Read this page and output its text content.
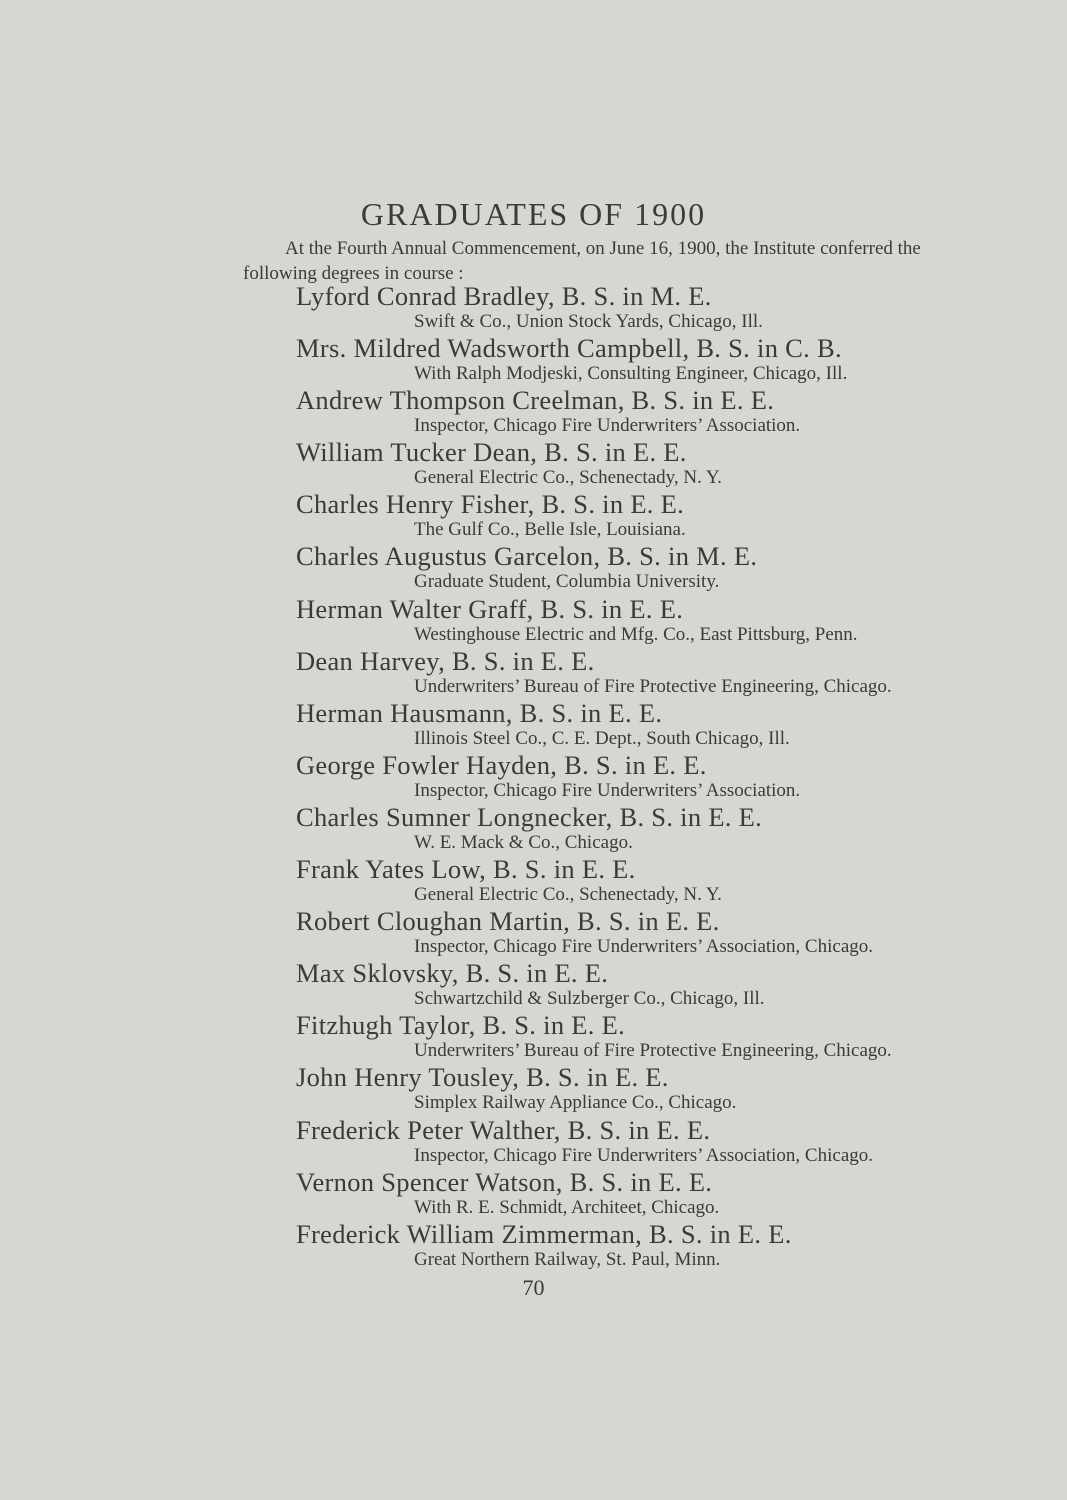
GRADUATES OF 1900

At the Fourth Annual Commencement, on June 16, 1900, the Institute conferred the following degrees in course :

Lyford Conrad Bradley, B. S. in M. E.
Swift & Co., Union Stock Yards, Chicago, Ill.
Mrs. Mildred Wadsworth Campbell, B. S. in C. B.
With Ralph Modjeski, Consulting Engineer, Chicago, Ill.
Andrew Thompson Creelman, B. S. in E. E.
Inspector, Chicago Fire Underwriters’ Association.
William Tucker Dean, B. S. in E. E.
General Electric Co., Schenectady, N. Y.
Charles Henry Fisher, B. S. in E. E.
The Gulf Co., Belle Isle, Louisiana.
Charles Augustus Garcelon, B. S. in M. E.
Graduate Student, Columbia University.
Herman Walter Graff, B. S. in E. E.
Westinghouse Electric and Mfg. Co., East Pittsburg, Penn.
Dean Harvey, B. S. in E. E.
Underwriters’ Bureau of Fire Protective Engineering, Chicago.
Herman Hausmann, B. S. in E. E.
Illinois Steel Co., C. E. Dept., South Chicago, Ill.
George Fowler Hayden, B. S. in E. E.
Inspector, Chicago Fire Underwriters’ Association.
Charles Sumner Longnecker, B. S. in E. E.
W. E. Mack & Co., Chicago.
Frank Yates Low, B. S. in E. E.
General Electric Co., Schenectady, N. Y.
Robert Cloughan Martin, B. S. in E. E.
Inspector, Chicago Fire Underwriters’ Association, Chicago.
Max Sklovsky, B. S. in E. E.
Schwartzchild & Sulzberger Co., Chicago, Ill.
Fitzhugh Taylor, B. S. in E. E.
Underwriters’ Bureau of Fire Protective Engineering, Chicago.
John Henry Tousley, B. S. in E. E.
Simplex Railway Appliance Co., Chicago.
Frederick Peter Walther, B. S. in E. E.
Inspector, Chicago Fire Underwriters’ Association, Chicago.
Vernon Spencer Watson, B. S. in E. E.
With R. E. Schmidt, Architeet, Chicago.
Frederick William Zimmerman, B. S. in E. E.
Great Northern Railway, St. Paul, Minn.
70
